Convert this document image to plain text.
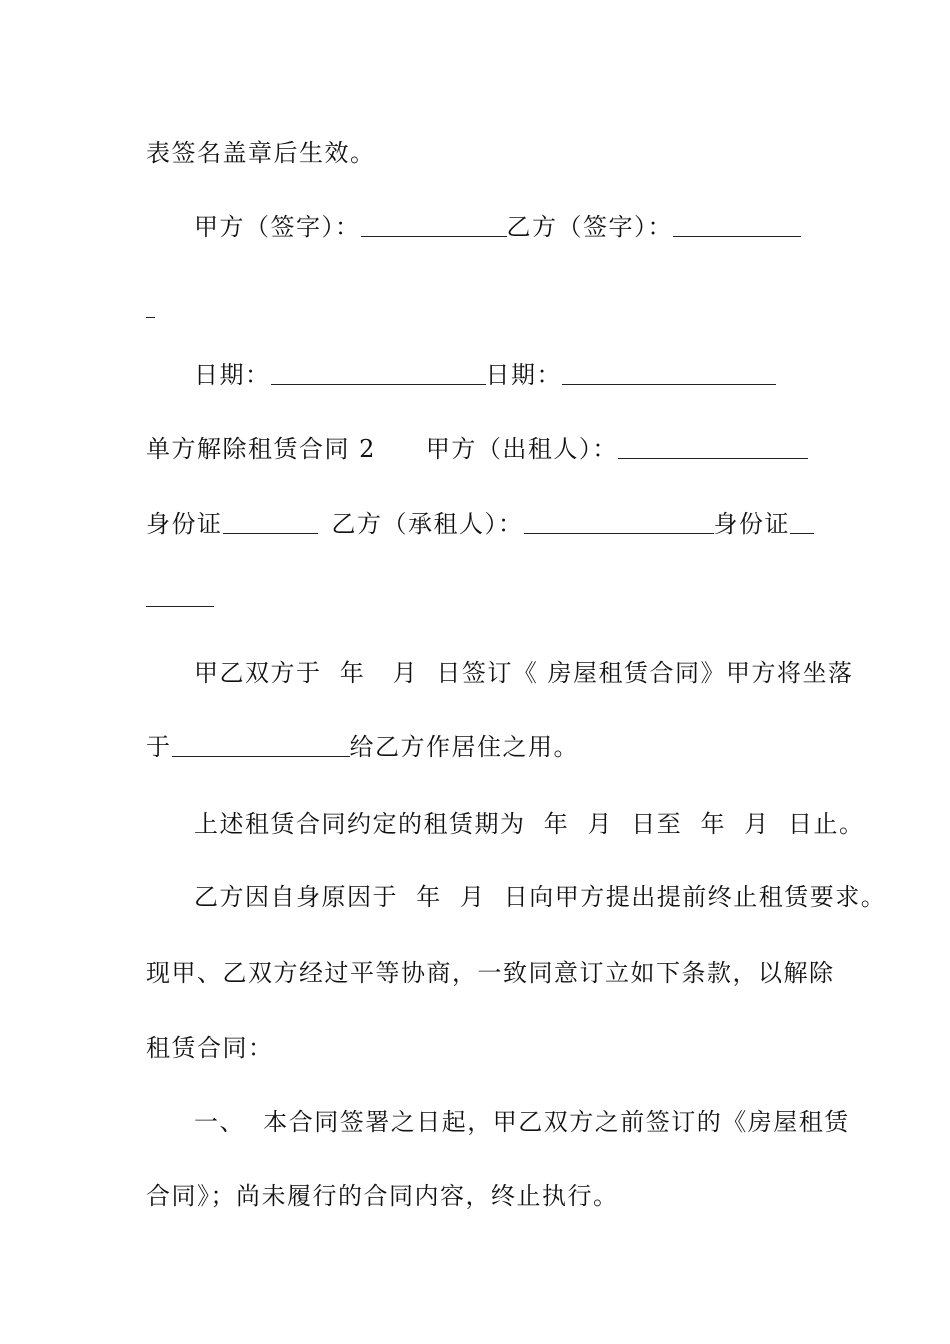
表签名盖章后生效。
甲方（签字）：	乙方（签字）：
日期：	日期：
单方解除租赁合同 2 甲方（出租人）：
身份证	乙方（承租人）：	身份证
甲乙双方于  年   月  日签订《 房屋租赁合同》甲方将坐落
于	给乙方作居住之用。
上述租赁合同约定的租赁期为  年  月  日至  年  月  日止。
乙方因自身原因于  年  月  日向甲方提出提前终止租赁要求。
现甲、乙双方经过平等协商，一致同意订立如下条款，以解除
租赁合同：
一、  本合同签署之日起，甲乙双方之前签订的《房屋租赁
合同》；尚未履行的合同内容，终止执行。
